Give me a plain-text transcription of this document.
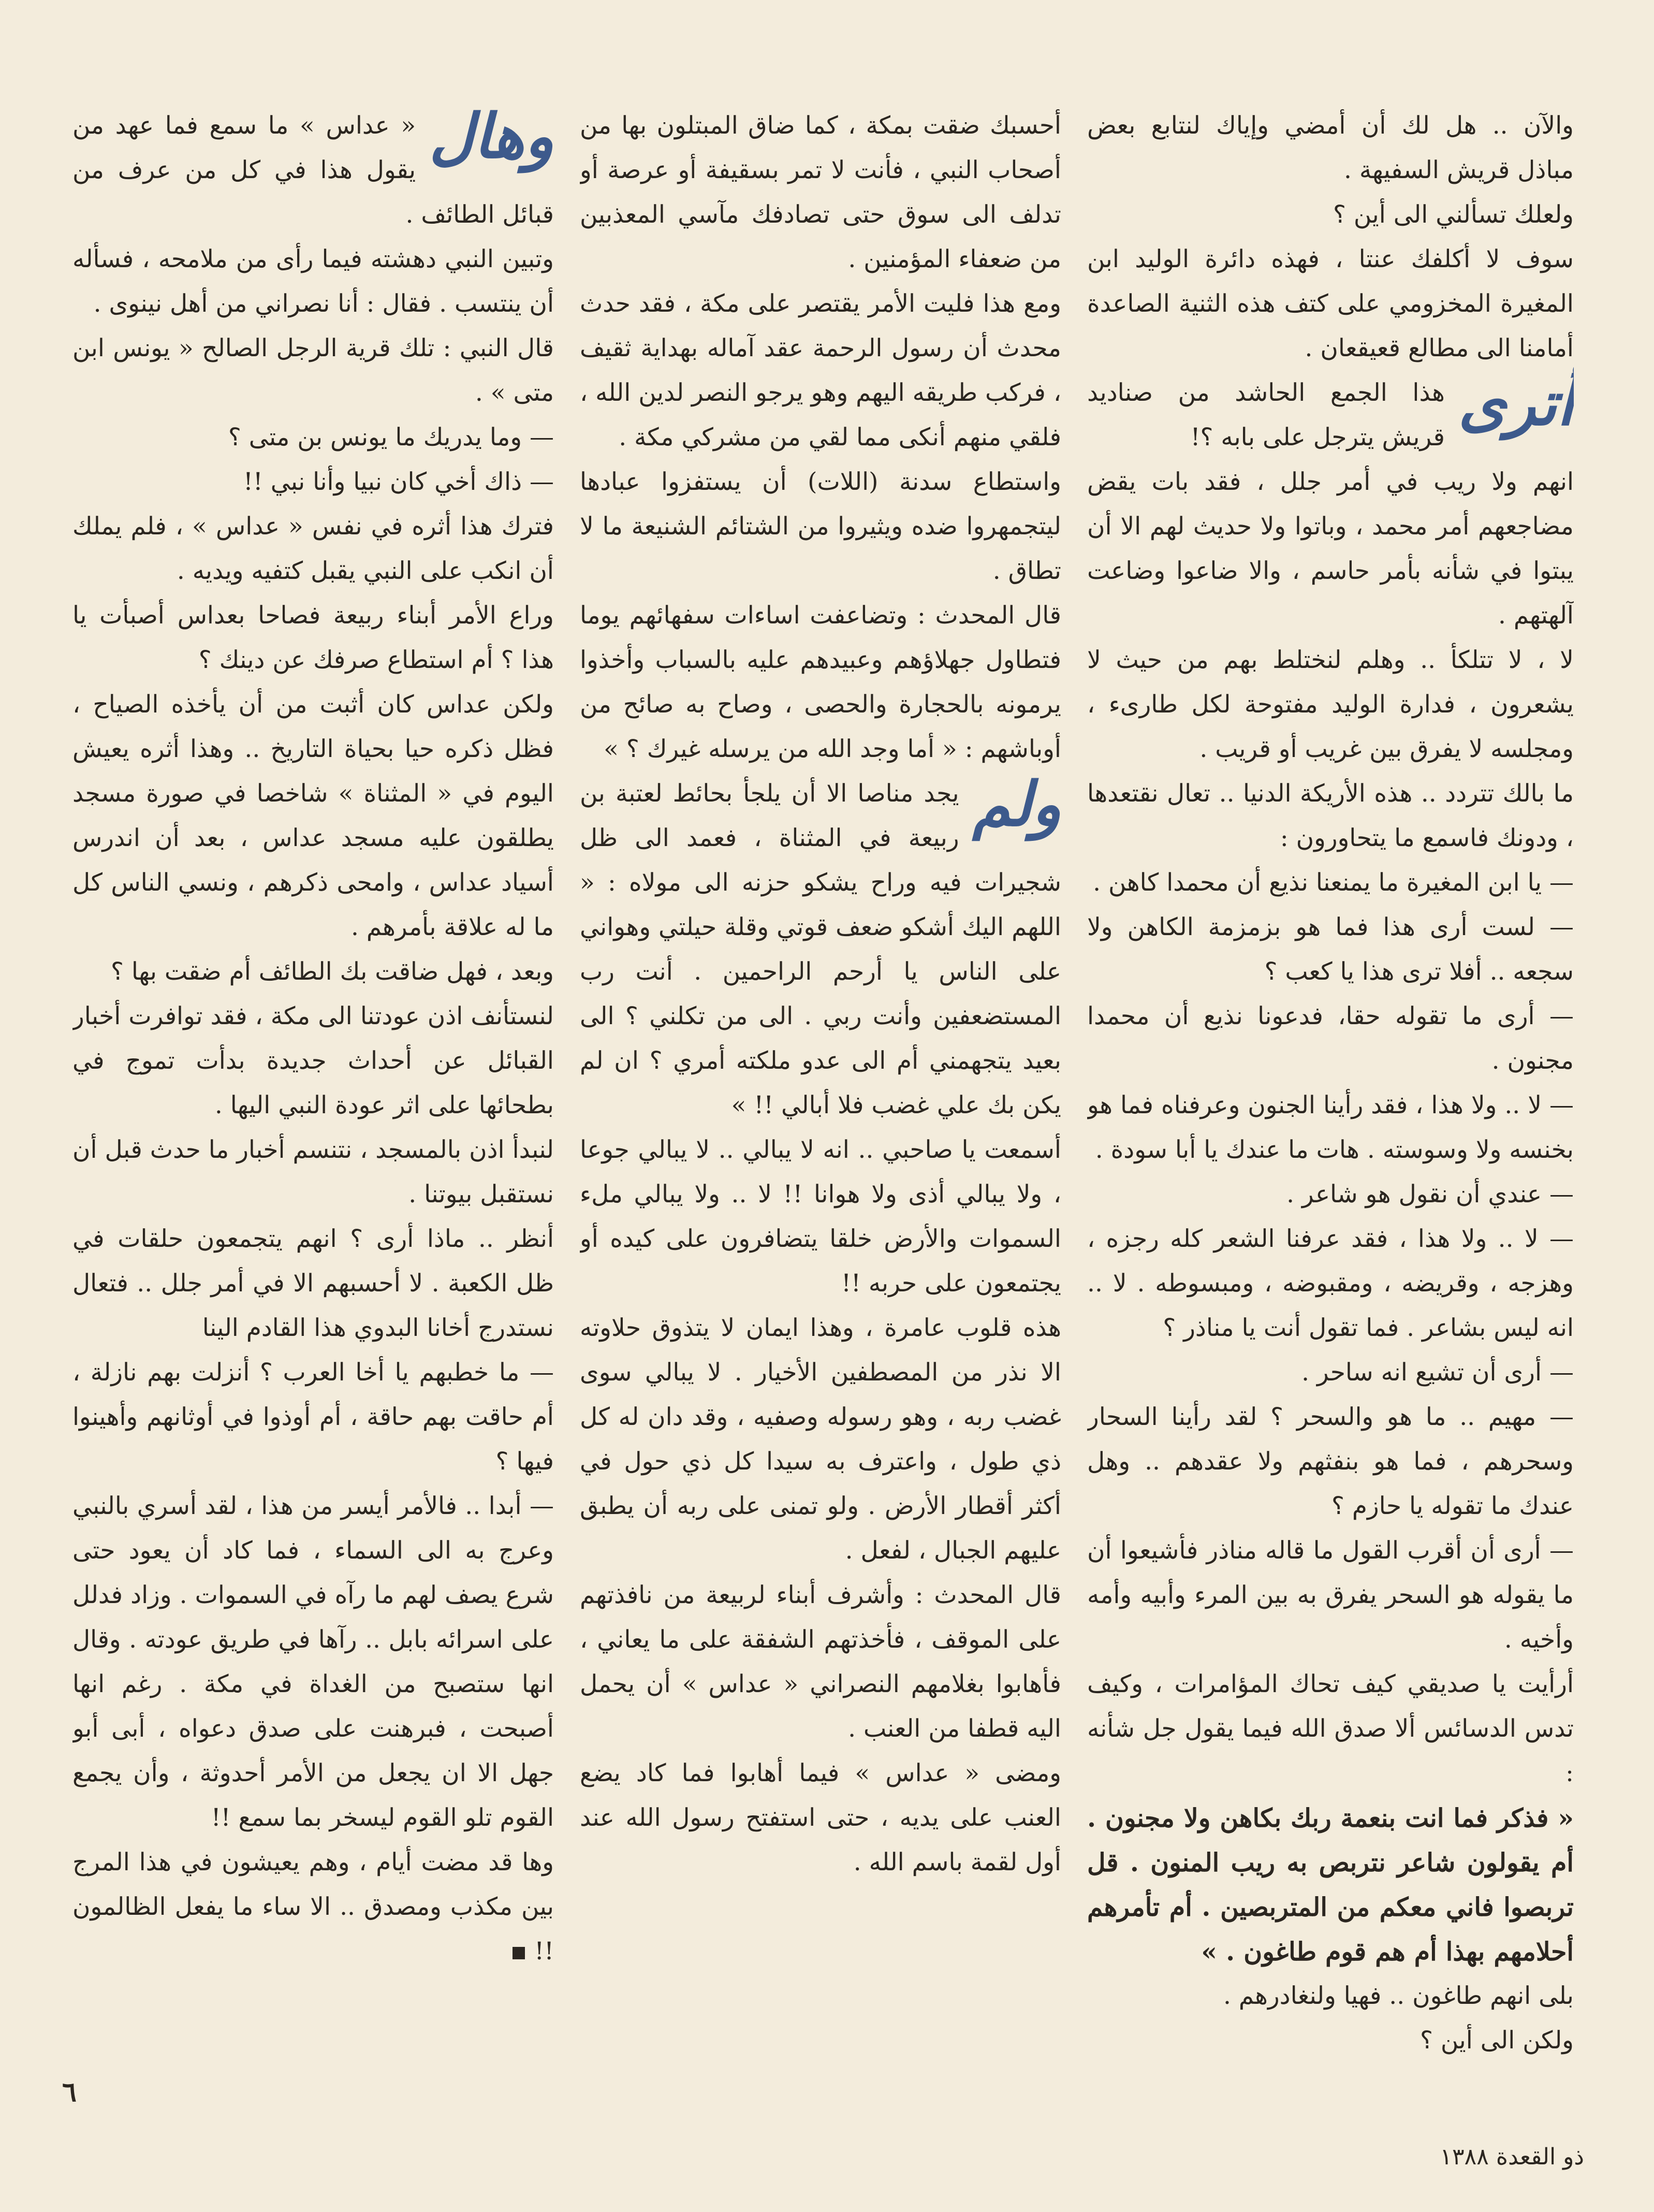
والآن .. هل لك أن أمضي وإياك لنتابع بعض مباذل قريش السفيهة .

ولعلك تسألني الى أين ؟

سوف لا أكلفك عنتا ، فهذه دائرة الوليد ابن المغيرة المخزومي على كتف هذه الثنية الصاعدة أمامنا الى مطالع قعيقعان .

أترى
هذا الجمع الحاشد من صناديد قريش يترجل على بابه ؟!

انهم ولا ريب في أمر جلل ، فقد بات يقض مضاجعهم أمر محمد ، وباتوا ولا حديث لهم الا أن يبتوا في شأنه بأمر حاسم ، والا ضاعوا وضاعت آلهتهم .

لا ، لا تتلكأ .. وهلم لنختلط بهم من حيث لا يشعرون ، فدارة الوليد مفتوحة لكل طارىء ، ومجلسه لا يفرق بين غريب أو قريب .

ما بالك تتردد .. هذه الأريكة الدنيا .. تعال نقتعدها ، ودونك فاسمع ما يتحاورون :

— يا ابن المغيرة ما يمنعنا نذيع أن محمدا كاهن .

— لست أرى هذا فما هو بزمزمة الكاهن ولا سجعه .. أفلا ترى هذا يا كعب ؟

— أرى ما تقوله حقا، فدعونا نذيع أن محمدا مجنون .

— لا .. ولا هذا ، فقد رأينا الجنون وعرفناه فما هو بخنسه ولا وسوسته . هات ما عندك يا أبا سودة .

— عندي أن نقول هو شاعر .

— لا .. ولا هذا ، فقد عرفنا الشعر كله رجزه ، وهزجه ، وقريضه ، ومقبوضه ، ومبسوطه . لا .. انه ليس بشاعر . فما تقول أنت يا مناذر ؟

— أرى أن تشيع انه ساحر .

— مهيم .. ما هو والسحر ؟ لقد رأينا السحار وسحرهم ، فما هو بنفثهم ولا عقدهم .. وهل عندك ما تقوله يا حازم ؟

— أرى أن أقرب القول ما قاله مناذر فأشيعوا أن ما يقوله هو السحر يفرق به بين المرء وأبيه وأمه وأخيه .

أرأيت يا صديقي كيف تحاك المؤامرات ، وكيف تدس الدسائس ألا صدق الله فيما يقول جل شأنه :

« فذكر فما انت بنعمة ربك بكاهن ولا مجنون . أم يقولون شاعر نتربص به ريب المنون . قل تربصوا فاني معكم من المتربصين . أم تأمرهم أحلامهم بهذا أم هم قوم طاغون . »

بلى انهم طاغون .. فهيا ولنغادرهم .

ولكن الى أين ؟

أحسبك ضقت بمكة ، كما ضاق المبتلون بها من أصحاب النبي ، فأنت لا تمر بسقيفة أو عرصة أو تدلف الى سوق حتى تصادفك مآسي المعذبين من ضعفاء المؤمنين .

ومع هذا فليت الأمر يقتصر على مكة ، فقد حدث محدث أن رسول الرحمة عقد آماله بهداية ثقيف ، فركب طريقه اليهم وهو يرجو النصر لدين الله ، فلقي منهم أنكى مما لقي من مشركي مكة .

واستطاع سدنة (اللات) أن يستفزوا عبادها ليتجمهروا ضده ويثيروا من الشتائم الشنيعة ما لا تطاق .

قال المحدث : وتضاعفت اساءات سفهائهم يوما فتطاول جهلاؤهم وعبيدهم عليه بالسباب وأخذوا يرمونه بالحجارة والحصى ، وصاح به صائح من أوباشهم : « أما وجد الله من يرسله غيرك ؟ »

ولم
يجد مناصا الا أن يلجأ بحائط لعتبة بن ربيعة في المثناة ، فعمد الى ظل شجيرات فيه وراح يشكو حزنه الى مولاه : « اللهم اليك أشكو ضعف قوتي وقلة حيلتي وهواني على الناس يا أرحم الراحمين . أنت رب المستضعفين وأنت ربي . الى من تكلني ؟ الى بعيد يتجهمني أم الى عدو ملكته أمري ؟ ان لم يكن بك علي غضب فلا أبالي !! »

أسمعت يا صاحبي .. انه لا يبالي .. لا يبالي جوعا ، ولا يبالي أذى ولا هوانا !! لا .. ولا يبالي ملء السموات والأرض خلقا يتضافرون على كيده أو يجتمعون على حربه !!

هذه قلوب عامرة ، وهذا ايمان لا يتذوق حلاوته الا نذر من المصطفين الأخيار . لا يبالي سوى غضب ربه ، وهو رسوله وصفيه ، وقد دان له كل ذي طول ، واعترف به سيدا كل ذي حول في أكثر أقطار الأرض . ولو تمنى على ربه أن يطبق عليهم الجبال ، لفعل .

قال المحدث : وأشرف أبناء لربيعة من نافذتهم على الموقف ، فأخذتهم الشفقة على ما يعاني ، فأهابوا بغلامهم النصراني « عداس » أن يحمل اليه قطفا من العنب .

ومضى « عداس » فيما أهابوا فما كاد يضع العنب على يديه ، حتى استفتح رسول الله عند أول لقمة باسم الله .

وهال
« عداس » ما سمع فما عهد من يقول هذا في كل من عرف من قبائل الطائف .

وتبين النبي دهشته فيما رأى من ملامحه ، فسأله أن ينتسب . فقال : أنا نصراني من أهل نينوى .

قال النبي : تلك قرية الرجل الصالح « يونس ابن متى » .

— وما يدريك ما يونس بن متى ؟

— ذاك أخي كان نبيا وأنا نبي !!

فترك هذا أثره في نفس « عداس » ، فلم يملك أن انكب على النبي يقبل كتفيه ويديه .

وراع الأمر أبناء ربيعة فصاحا بعداس أصبأت يا هذا ؟ أم استطاع صرفك عن دينك ؟

ولكن عداس كان أثبت من أن يأخذه الصياح ، فظل ذكره حيا بحياة التاريخ .. وهذا أثره يعيش اليوم في « المثناة » شاخصا في صورة مسجد يطلقون عليه مسجد عداس ، بعد أن اندرس أسياد عداس ، وامحى ذكرهم ، ونسي الناس كل ما له علاقة بأمرهم .

وبعد ، فهل ضاقت بك الطائف أم ضقت بها ؟

لنستأنف اذن عودتنا الى مكة ، فقد توافرت أخبار القبائل عن أحداث جديدة بدأت تموج في بطحائها على اثر عودة النبي اليها .

لنبدأ اذن بالمسجد ، نتنسم أخبار ما حدث قبل أن نستقبل بيوتنا .

أنظر .. ماذا أرى ؟ انهم يتجمعون حلقات في ظل الكعبة . لا أحسبهم الا في أمر جلل .. فتعال نستدرج أخانا البدوي هذا القادم الينا

— ما خطبهم يا أخا العرب ؟ أنزلت بهم نازلة ، أم حاقت بهم حاقة ، أم أوذوا في أوثانهم وأهينوا فيها ؟

— أبدا .. فالأمر أيسر من هذا ، لقد أسري بالنبي وعرج به الى السماء ، فما كاد أن يعود حتى شرع يصف لهم ما رآه في السموات . وزاد فدلل على اسرائه بابل .. رآها في طريق عودته . وقال انها ستصبح من الغداة في مكة . رغم انها أصبحت ، فبرهنت على صدق دعواه ، أبى أبو جهل الا ان يجعل من الأمر أحدوثة ، وأن يجمع القوم تلو القوم ليسخر بما سمع !!

وها قد مضت أيام ، وهم يعيشون في هذا المرج بين مكذب ومصدق .. الا ساء ما يفعل الظالمون !!

٦
ذو القعدة ١٣٨٨
